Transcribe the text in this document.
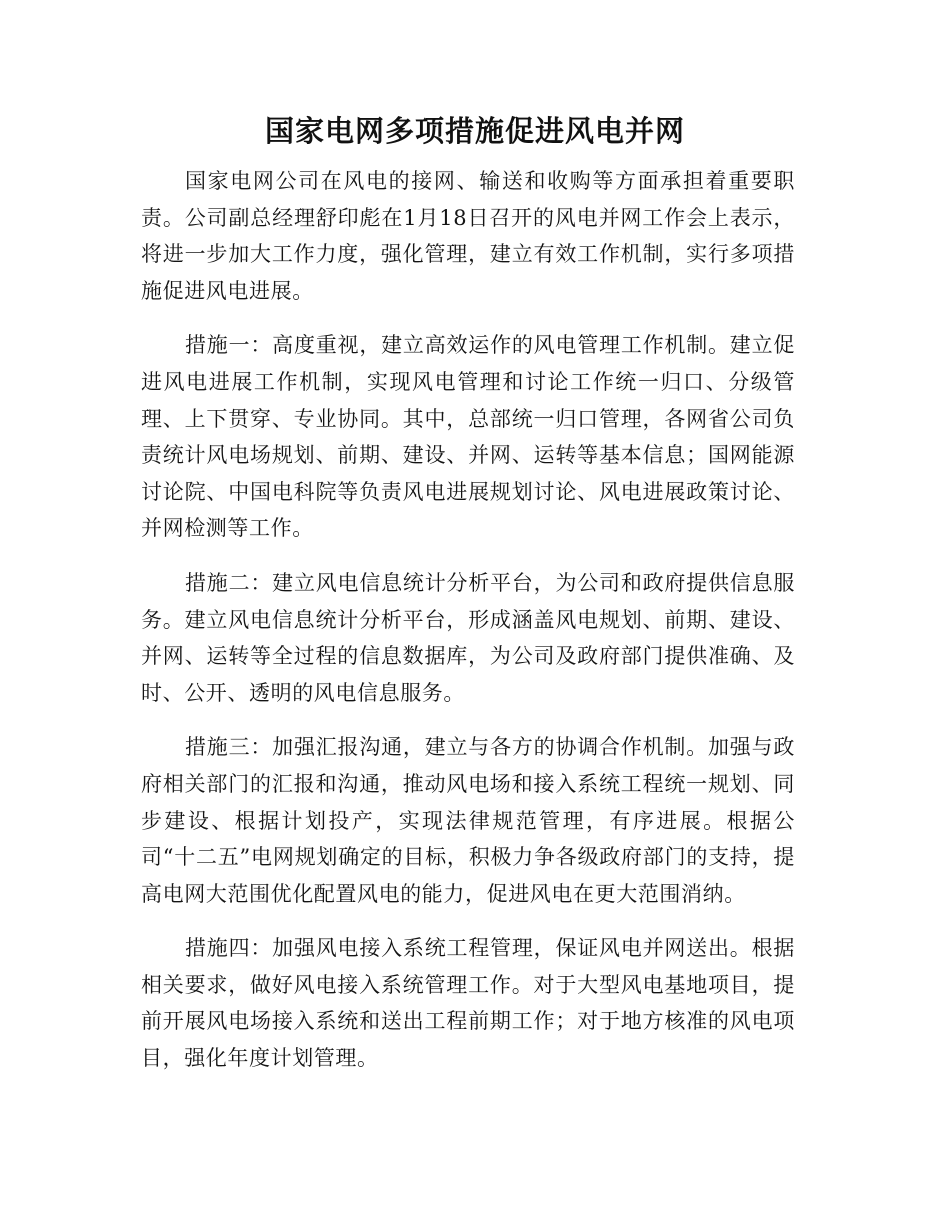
国家电网多项措施促进风电并网

国家电网公司在风电的接网、输送和收购等方面承担着重要职责。公司副总经理舒印彪在1月18日召开的风电并网工作会上表示，将进一步加大工作力度，强化管理，建立有效工作机制，实行多项措施促进风电进展。

措施一：高度重视，建立高效运作的风电管理工作机制。建立促进风电进展工作机制，实现风电管理和讨论工作统一归口、分级管理、上下贯穿、专业协同。其中，总部统一归口管理，各网省公司负责统计风电场规划、前期、建设、并网、运转等基本信息；国网能源讨论院、中国电科院等负责风电进展规划讨论、风电进展政策讨论、并网检测等工作。

措施二：建立风电信息统计分析平台，为公司和政府提供信息服务。建立风电信息统计分析平台，形成涵盖风电规划、前期、建设、并网、运转等全过程的信息数据库，为公司及政府部门提供准确、及时、公开、透明的风电信息服务。

措施三：加强汇报沟通，建立与各方的协调合作机制。加强与政府相关部门的汇报和沟通，推动风电场和接入系统工程统一规划、同步建设、根据计划投产，实现法律规范管理，有序进展。根据公司“十二五”电网规划确定的目标，积极力争各级政府部门的支持，提高电网大范围优化配置风电的能力，促进风电在更大范围消纳。

措施四：加强风电接入系统工程管理，保证风电并网送出。根据相关要求，做好风电接入系统管理工作。对于大型风电基地项目，提前开展风电场接入系统和送出工程前期工作；对于地方核准的风电项目，强化年度计划管理。
